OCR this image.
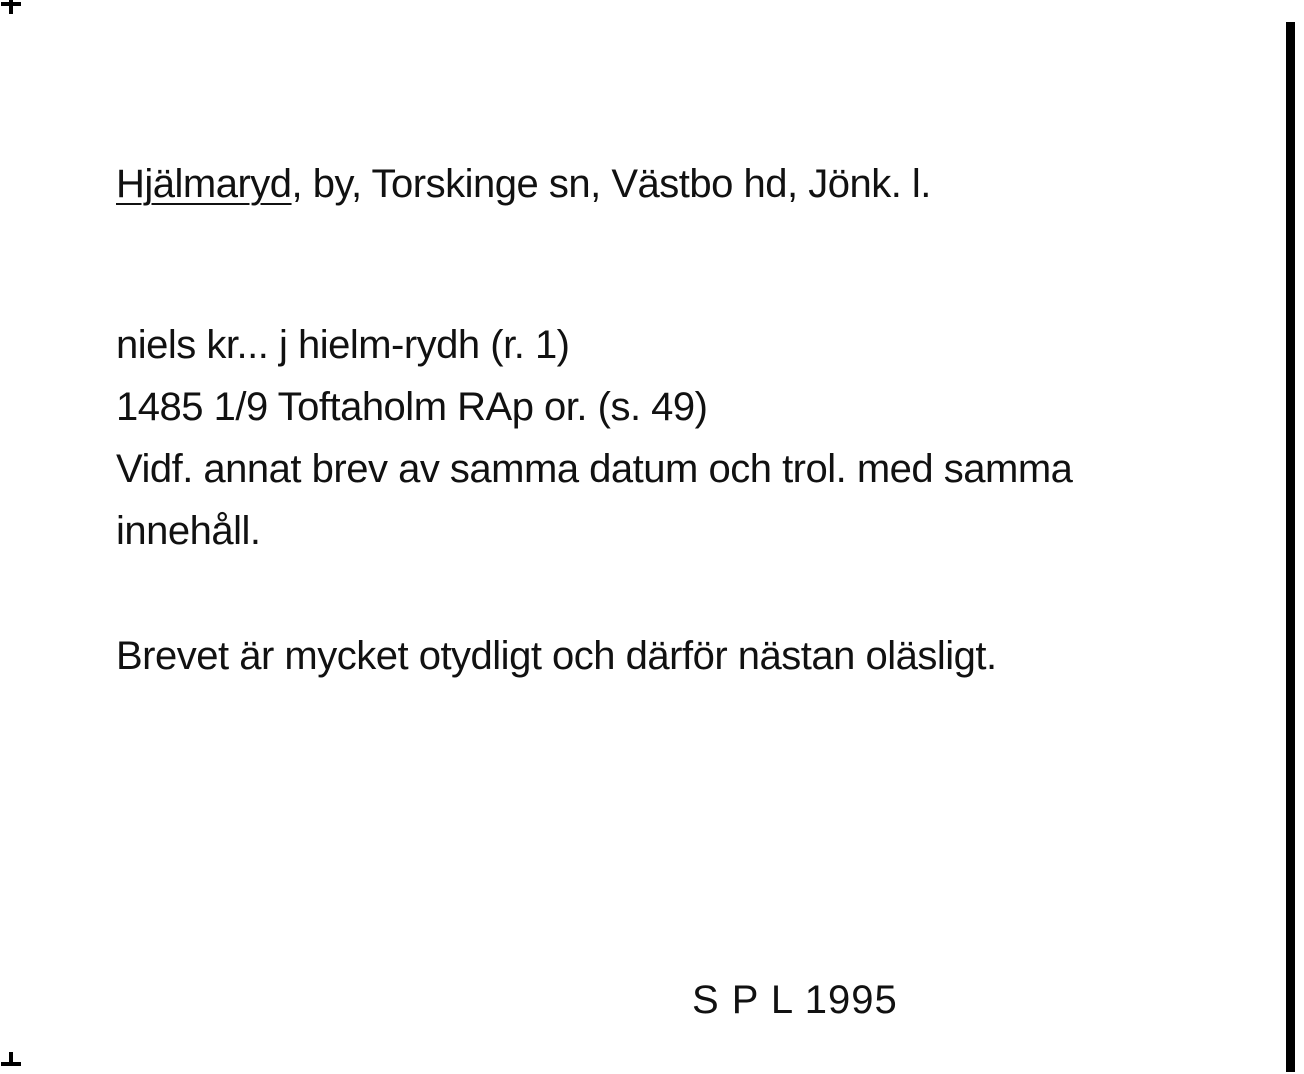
Hjälmaryd, by, Torskinge sn, Västbo hd, Jönk. l.
niels kr... j hielm-rydh (r. 1)
1485 1/9 Toftaholm RAp or. (s. 49)
Vidf. annat brev av samma datum och trol. med samma
innehåll.
Brevet är mycket otydligt och därför nästan oläsligt.
S P L 1995
